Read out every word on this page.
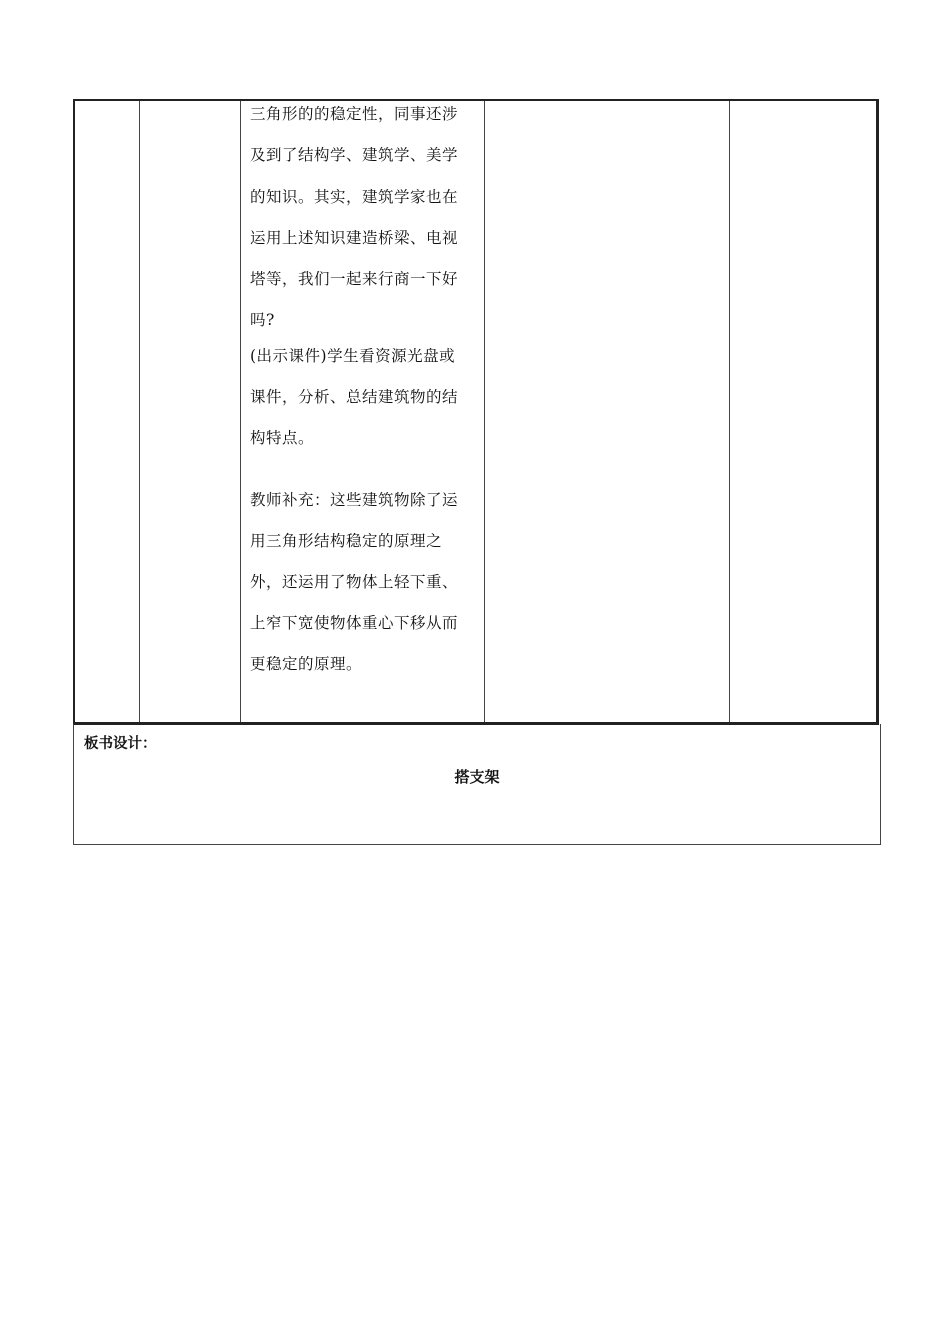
三角形的的稳定性，同事还涉
及到了结构学、建筑学、美学
的知识。其实，建筑学家也在
运用上述知识建造桥梁、电视
塔等，我们一起来行商一下好
吗?
(出示课件)学生看资源光盘或
课件，分析、总结建筑物的结
构特点。
教师补充：这些建筑物除了运
用三角形结构稳定的原理之
外，还运用了物体上轻下重、
上窄下宽使物体重心下移从而
更稳定的原理。
板书设计：
搭支架
